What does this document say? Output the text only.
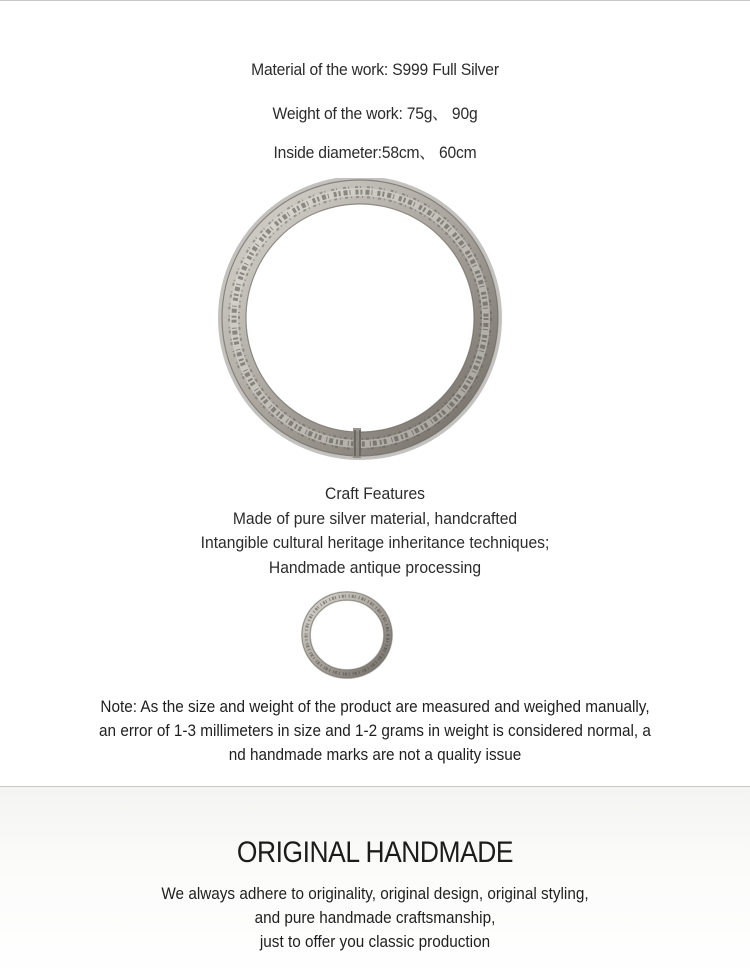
Material of the work: S999 Full Silver
Weight of the work: 75g、 90g
Inside diameter:58cm、 60cm
Craft Features
Made of pure silver material, handcrafted
Intangible cultural heritage inheritance techniques;
Handmade antique processing
Note: As the size and weight of the product are measured and weighed manually,
an error of 1-3 millimeters in size and 1-2 grams in weight is considered normal, a
nd handmade marks are not a quality issue
ORIGINAL HANDMADE
We always adhere to originality, original design, original styling,
and pure handmade craftsmanship,
just to offer you classic production
